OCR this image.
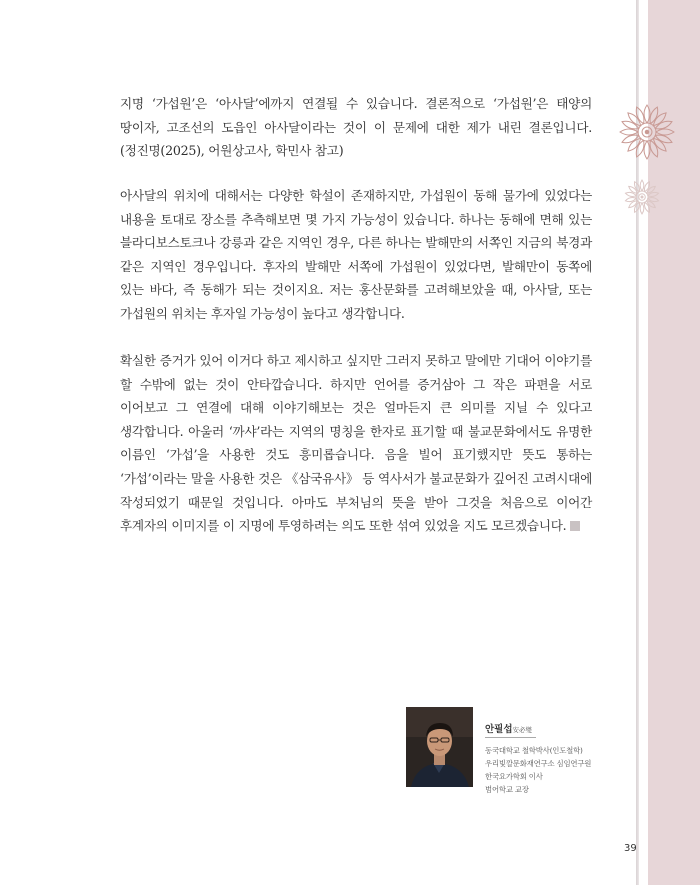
지명 ‘가섭원’은 ‘아사달’에까지 연결될 수 있습니다. 결론적으로 ‘가섭원’은 태양의 땅이자, 고조선의 도읍인 아사달이라는 것이 이 문제에 대한 제가 내린 결론입니다.(정진명(2025), 어원상고사, 학민사 참고)

아사달의 위치에 대해서는 다양한 학설이 존재하지만, 가섭원이 동해 물가에 있었다는 내용을 토대로 장소를 추측해보면 몇 가지 가능성이 있습니다. 하나는 동해에 면해 있는 블라디보스토크나 강릉과 같은 지역인 경우, 다른 하나는 발해만의 서쪽인 지금의 북경과 같은 지역인 경우입니다. 후자의 발해만 서쪽에 가섭원이 있었다면, 발해만이 동쪽에 있는 바다, 즉 동해가 되는 것이지요. 저는 홍산문화를 고려해보았을 때, 아사달, 또는 가섭원의 위치는 후자일 가능성이 높다고 생각합니다.

확실한 증거가 있어 이거다 하고 제시하고 싶지만 그러지 못하고 말에만 기대어 이야기를 할 수밖에 없는 것이 안타깝습니다. 하지만 언어를 증거삼아 그 작은 파편을 서로 이어보고 그 연결에 대해 이야기해보는 것은 얼마든지 큰 의미를 지닐 수 있다고 생각합니다. 아울러 ‘까샤’라는 지역의 명칭을 한자로 표기할 때 불교문화에서도 유명한 이름인 ‘가섭’을 사용한 것도 흥미롭습니다. 음을 빌어 표기했지만 뜻도 통하는 ‘가섭’이라는 말을 사용한 것은 《삼국유사》 등 역사서가 불교문화가 깊어진 고려시대에 작성되었기 때문일 것입니다. 아마도 부처님의 뜻을 받아 그것을 처음으로 이어간 후계자의 이미지를 이 지명에 투영하려는 의도 또한 섞여 있었을 지도 모르겠습니다.

안필섭安必燮
동국대학교 철학박사(인도철학)
우리빛깔문화재연구소 심임연구원
한국요가학회 이사
범어학교 교장
39
